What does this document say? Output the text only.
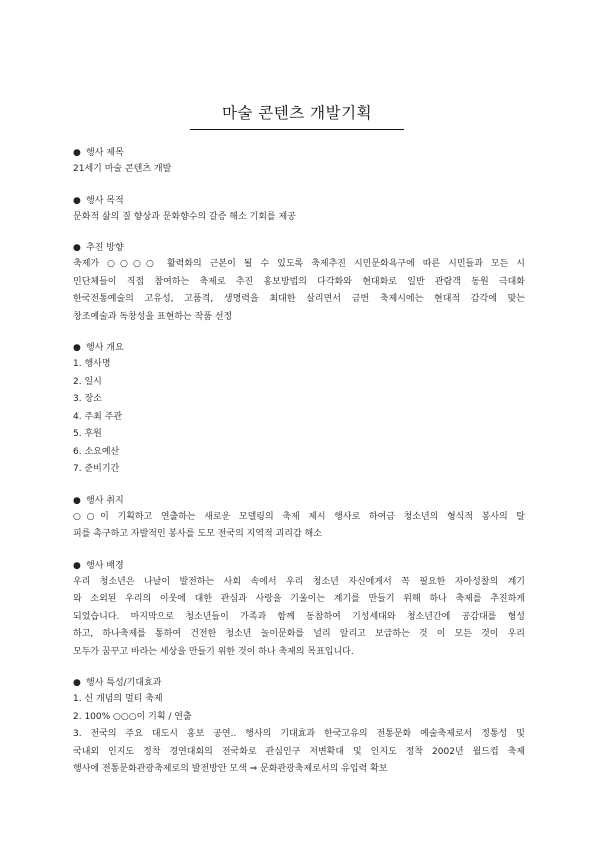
마술 콘텐츠 개발기획
● 행사 제목
21세기 마술 콘텐츠 개발
● 행사 목적
문화적 삶의 질 향상과 문화향수의 갈증 해소 기회를 제공
● 추진 방향
축제가 ○○○○ 활력화의 근본이 될 수 있도록 축제추진 시민문화욕구에 따른 시민들과 모든 시
민단체들이 직접 참여하는 축제로 추진 홍보방법의 다각화와 현대화로 일반 관람객 동원 극대화
한국전통예술의 고유성, 고품격, 생명력을 최대한 살리면서 금번 축제시에는 현대적 감각에 맞는
창조예술과 독창성을 표현하는 작품 선정
● 행사 개요
1. 행사명
2. 일시
3. 장소
4. 주최 주관
5. 후원
6. 소요예산
7. 준비기간
● 행사 취지
○○이 기획하고 연출하는 새로운 모델링의 축제 제시 행사로 하여금 청소년의 형식적 봉사의 탈
피를 촉구하고 자발적인 봉사를 도모 전국의 지역적 괴리감 해소
● 행사 배경
우리 청소년은 나날이 발전하는 사회 속에서 우리 청소년 자신에게서 꼭 필요한 자아성찰의 계기
와 소외된 우리의 이웃에 대한 관심과 사랑을 기울이는 계기를 만들기 위해 하나 축제를 추진하게
되었습니다. 마지막으로 청소년들이 가족과 함께 동참하여 기성세대와 청소년간에 공감대를 형성
하고, 하나축제를 통하여 건전한 청소년 놀이문화를 널리 알리고 보급하는 것 이 모든 것이 우리
모두가 꿈꾸고 바라는 세상을 만들기 위한 것이 하나 축제의 목표입니다.
● 행사 특성/기대효과
1. 신 개념의 멀티 축제
2. 100% ○○○이 기획 / 연출
3. 전국의 주요 대도시 홍보 공연.. 행사의 기대효과 한국고유의 전통문화 예술축제로서 정통성 및
국내외 인지도 정착 경연대회의 전국화로 관심인구 저변확대 및 인지도 정착 2002년 월드컵 축제
행사에 전통문화관광축제로의 발전방안 모색 ⇒ 문화관광축제로서의 유입력 확보
